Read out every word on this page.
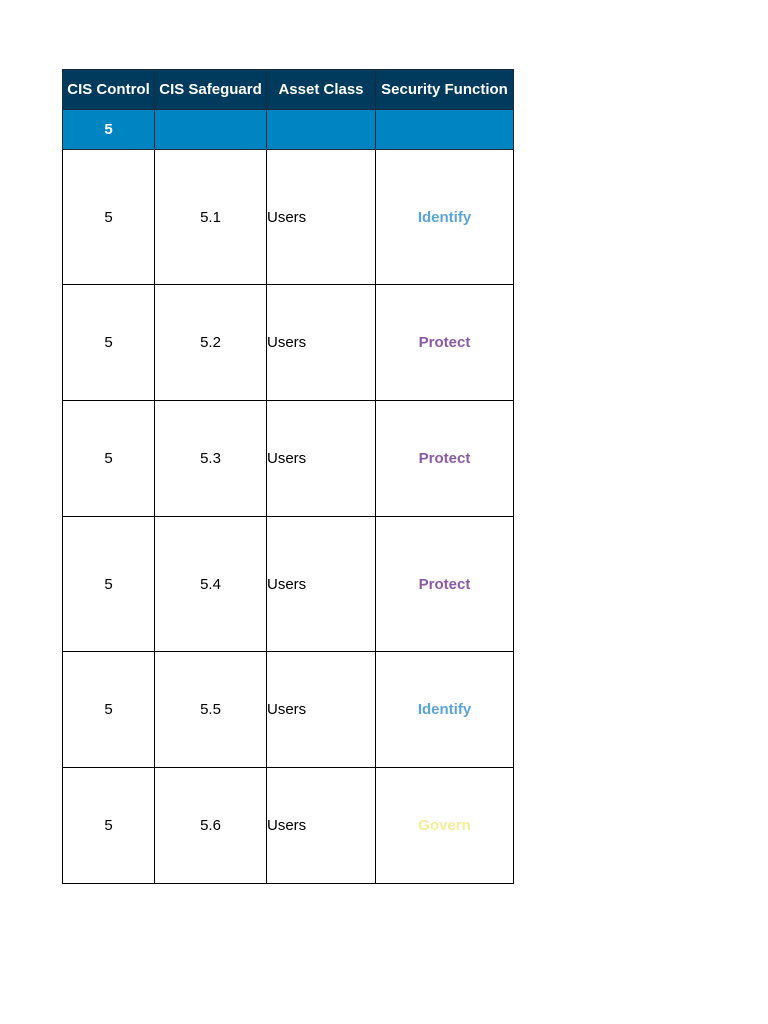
CIS Control	CIS Safeguard	Asset Class	Security Function
5			
5	5.1	Users	Identify
5	5.2	Users	Protect
5	5.3	Users	Protect
5	5.4	Users	Protect
5	5.5	Users	Identify
5	5.6	Users	Govern
